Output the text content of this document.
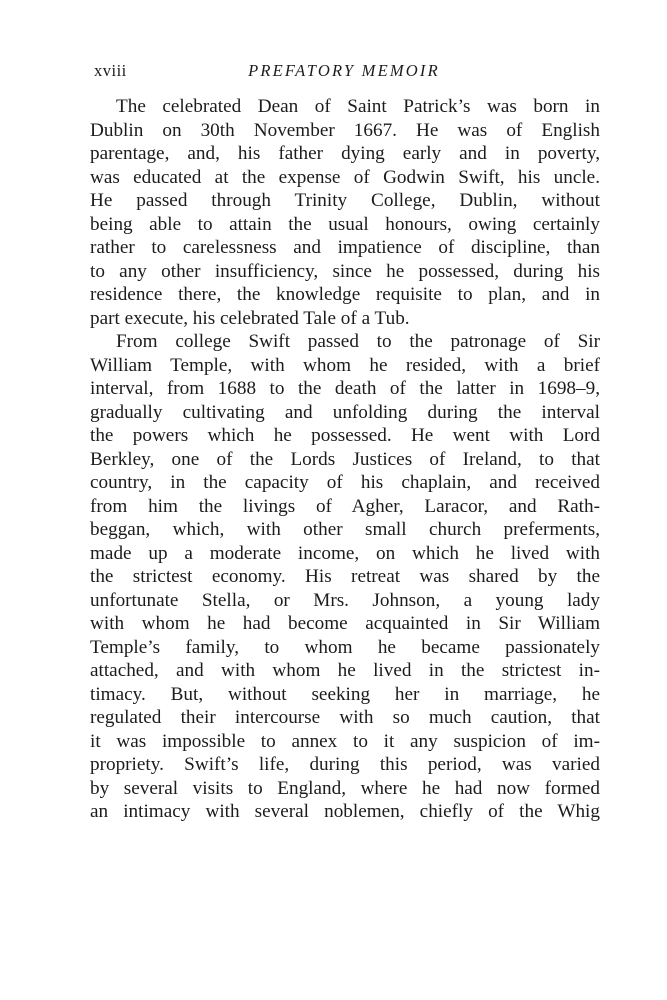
xviii	PREFATORY MEMOIR
The celebrated Dean of Saint Patrick’s was born in
Dublin on 30th November 1667. He was of English
parentage, and, his father dying early and in poverty,
was educated at the expense of Godwin Swift, his uncle.
He passed through Trinity College, Dublin, without
being able to attain the usual honours, owing certainly
rather to carelessness and impatience of discipline, than
to any other insufficiency, since he possessed, during his
residence there, the knowledge requisite to plan, and in
part execute, his celebrated Tale of a Tub.
From college Swift passed to the patronage of Sir
William Temple, with whom he resided, with a brief
interval, from 1688 to the death of the latter in 1698–9,
gradually cultivating and unfolding during the interval
the powers which he possessed. He went with Lord
Berkley, one of the Lords Justices of Ireland, to that
country, in the capacity of his chaplain, and received
from him the livings of Agher, Laracor, and Rath-
beggan, which, with other small church preferments,
made up a moderate income, on which he lived with
the strictest economy. His retreat was shared by the
unfortunate Stella, or Mrs. Johnson, a young lady
with whom he had become acquainted in Sir William
Temple’s family, to whom he became passionately
attached, and with whom he lived in the strictest in-
timacy. But, without seeking her in marriage, he
regulated their intercourse with so much caution, that
it was impossible to annex to it any suspicion of im-
propriety. Swift’s life, during this period, was varied
by several visits to England, where he had now formed
an intimacy with several noblemen, chiefly of the Whig
